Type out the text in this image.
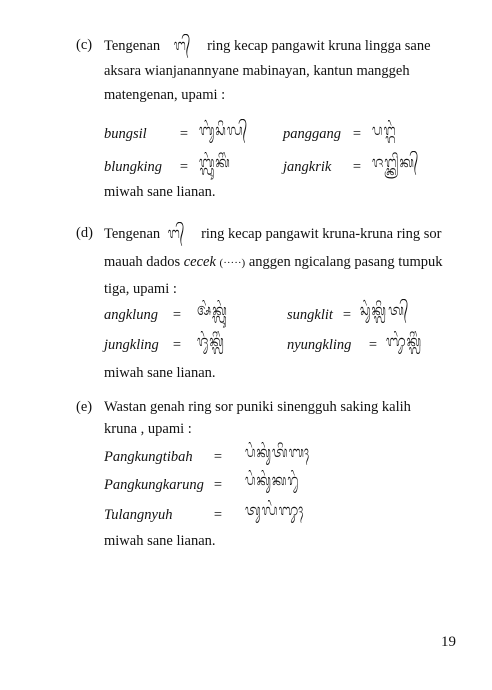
(c) Tengenan ᬗ᭄ ring kecap pangawit kruna lingga sane
aksara wianjanannyane mabinayan, kantun manggeh
matengenan, upami :
bungsil = ᬩᬸᬂᬲᬶᬮ᭄ panggang = ᬧᬗ᭄ᬕᬂ
blungking = ᬩ᭄ᬮᬸᬂᬓᬶᬂ	jangkrik = ᬚᬗ᭄ᬓ᭄ᬭᬶᬓ᭄
miwah sane lianan.
(d) Tengenan ᬗ᭄ ring kecap pangawit kruna-kruna ring sor
mauah dados cecek (·····) anggen ngicalang pasang tumpuk
tiga, upami :
angklung = ᬅᬂᬓ᭄ᬮᬸᬂ	sungklit = ᬲᬸᬂᬓ᭄ᬮᬶᬢ᭄
jungkling = ᬚᬸᬂᬓ᭄ᬮᬶᬂ	nyungkling = ᬜᬸᬂᬓ᭄ᬮᬶᬂ
miwah sane lianan.
(e) Wastan genah ring sor puniki sinengguh saking kalih
kruna , upami :
Pangkungtibah = ᬧᬂᬓᬸᬂᬢᬶᬩᬄ
Pangkungkarung = ᬧᬂᬓᬸᬂᬓᬭᬸᬂ
Tulangnyuh	= ᬢᬸᬮᬂᬜᬸᬄ
miwah sane lianan.
19
